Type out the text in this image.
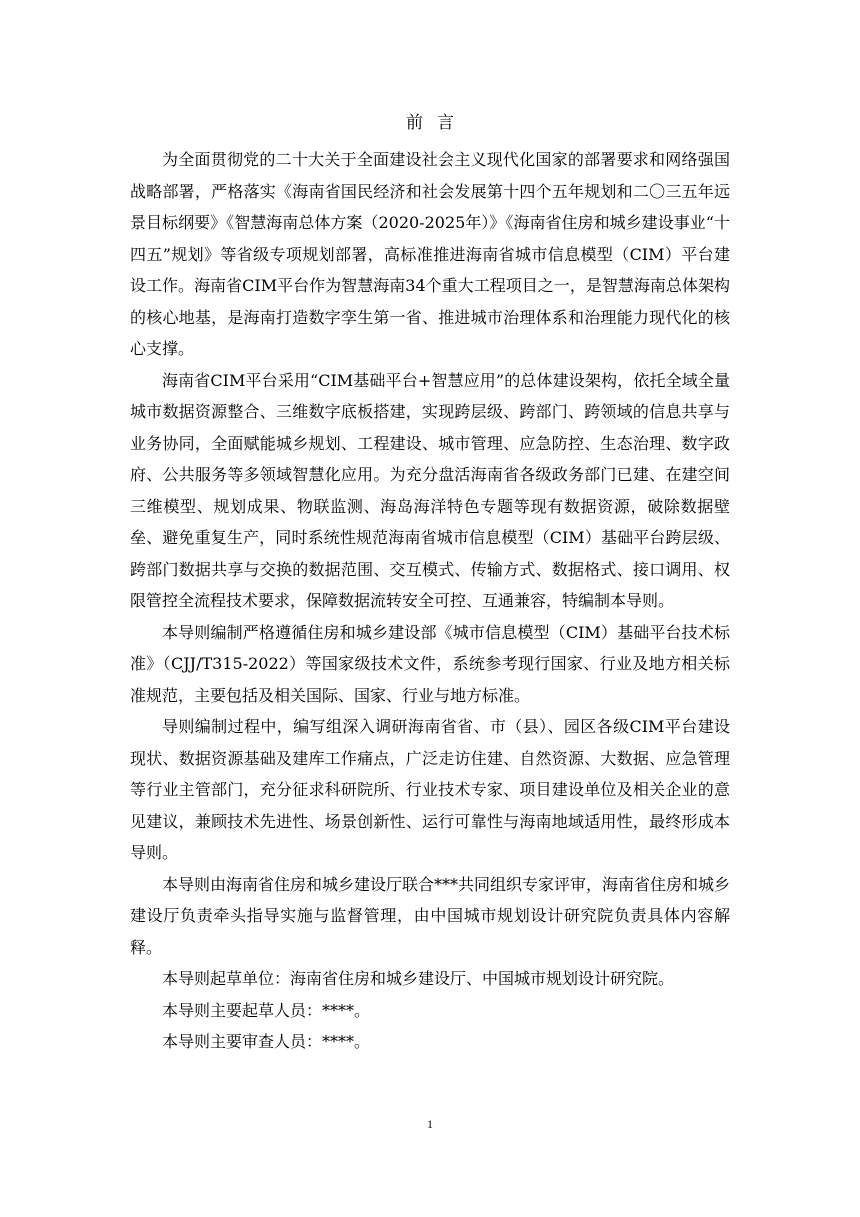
前言

为全面贯彻党的二十大关于全面建设社会主义现代化国家的部署要求和网络强国战略部署，严格落实《海南省国民经济和社会发展第十四个五年规划和二〇三五年远景目标纲要》《智慧海南总体方案（2020-2025年）》《海南省住房和城乡建设事业“十四五”规划》等省级专项规划部署，高标准推进海南省城市信息模型（CIM）平台建设工作。海南省CIM平台作为智慧海南34个重大工程项目之一，是智慧海南总体架构的核心地基，是海南打造数字孪生第一省、推进城市治理体系和治理能力现代化的核心支撑。

海南省CIM平台采用“CIM基础平台+智慧应用”的总体建设架构，依托全域全量城市数据资源整合、三维数字底板搭建，实现跨层级、跨部门、跨领域的信息共享与业务协同，全面赋能城乡规划、工程建设、城市管理、应急防控、生态治理、数字政府、公共服务等多领域智慧化应用。为充分盘活海南省各级政务部门已建、在建空间三维模型、规划成果、物联监测、海岛海洋特色专题等现有数据资源，破除数据壁垒、避免重复生产，同时系统性规范海南省城市信息模型（CIM）基础平台跨层级、跨部门数据共享与交换的数据范围、交互模式、传输方式、数据格式、接口调用、权限管控全流程技术要求，保障数据流转安全可控、互通兼容，特编制本导则。

本导则编制严格遵循住房和城乡建设部《城市信息模型（CIM）基础平台技术标准》（CJJ/T315-2022）等国家级技术文件，系统参考现行国家、行业及地方相关标准规范，主要包括及相关国际、国家、行业与地方标准。

导则编制过程中，编写组深入调研海南省省、市（县）、园区各级CIM平台建设现状、数据资源基础及建库工作痛点，广泛走访住建、自然资源、大数据、应急管理等行业主管部门，充分征求科研院所、行业技术专家、项目建设单位及相关企业的意见建议，兼顾技术先进性、场景创新性、运行可靠性与海南地域适用性，最终形成本导则。

本导则由海南省住房和城乡建设厅联合***共同组织专家评审，海南省住房和城乡建设厅负责牵头指导实施与监督管理，由中国城市规划设计研究院负责具体内容解释。

本导则起草单位：海南省住房和城乡建设厅、中国城市规划设计研究院。

本导则主要起草人员：****。

本导则主要审查人员：****。

1
